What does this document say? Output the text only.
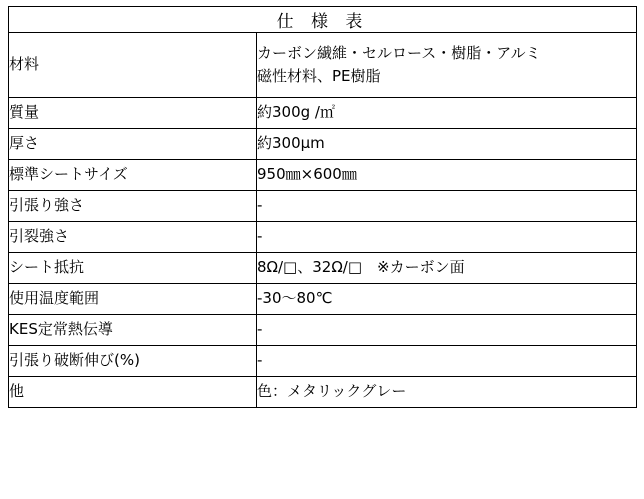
仕 様 表	
材料	カーボン繊維・セルロース・樹脂・アルミ
磁性材料、PE樹脂

質量	約300g /㎡
厚さ	約300μm
標準シートサイズ	950㎜×600㎜
引張り強さ	-
引裂強さ	-
シート抵抗	8Ω/□、32Ω/□　※カーボン面
使用温度範囲	-30～80℃
KES定常熱伝導	-
引張り破断伸び(%)	-
他	色：メタリックグレー
